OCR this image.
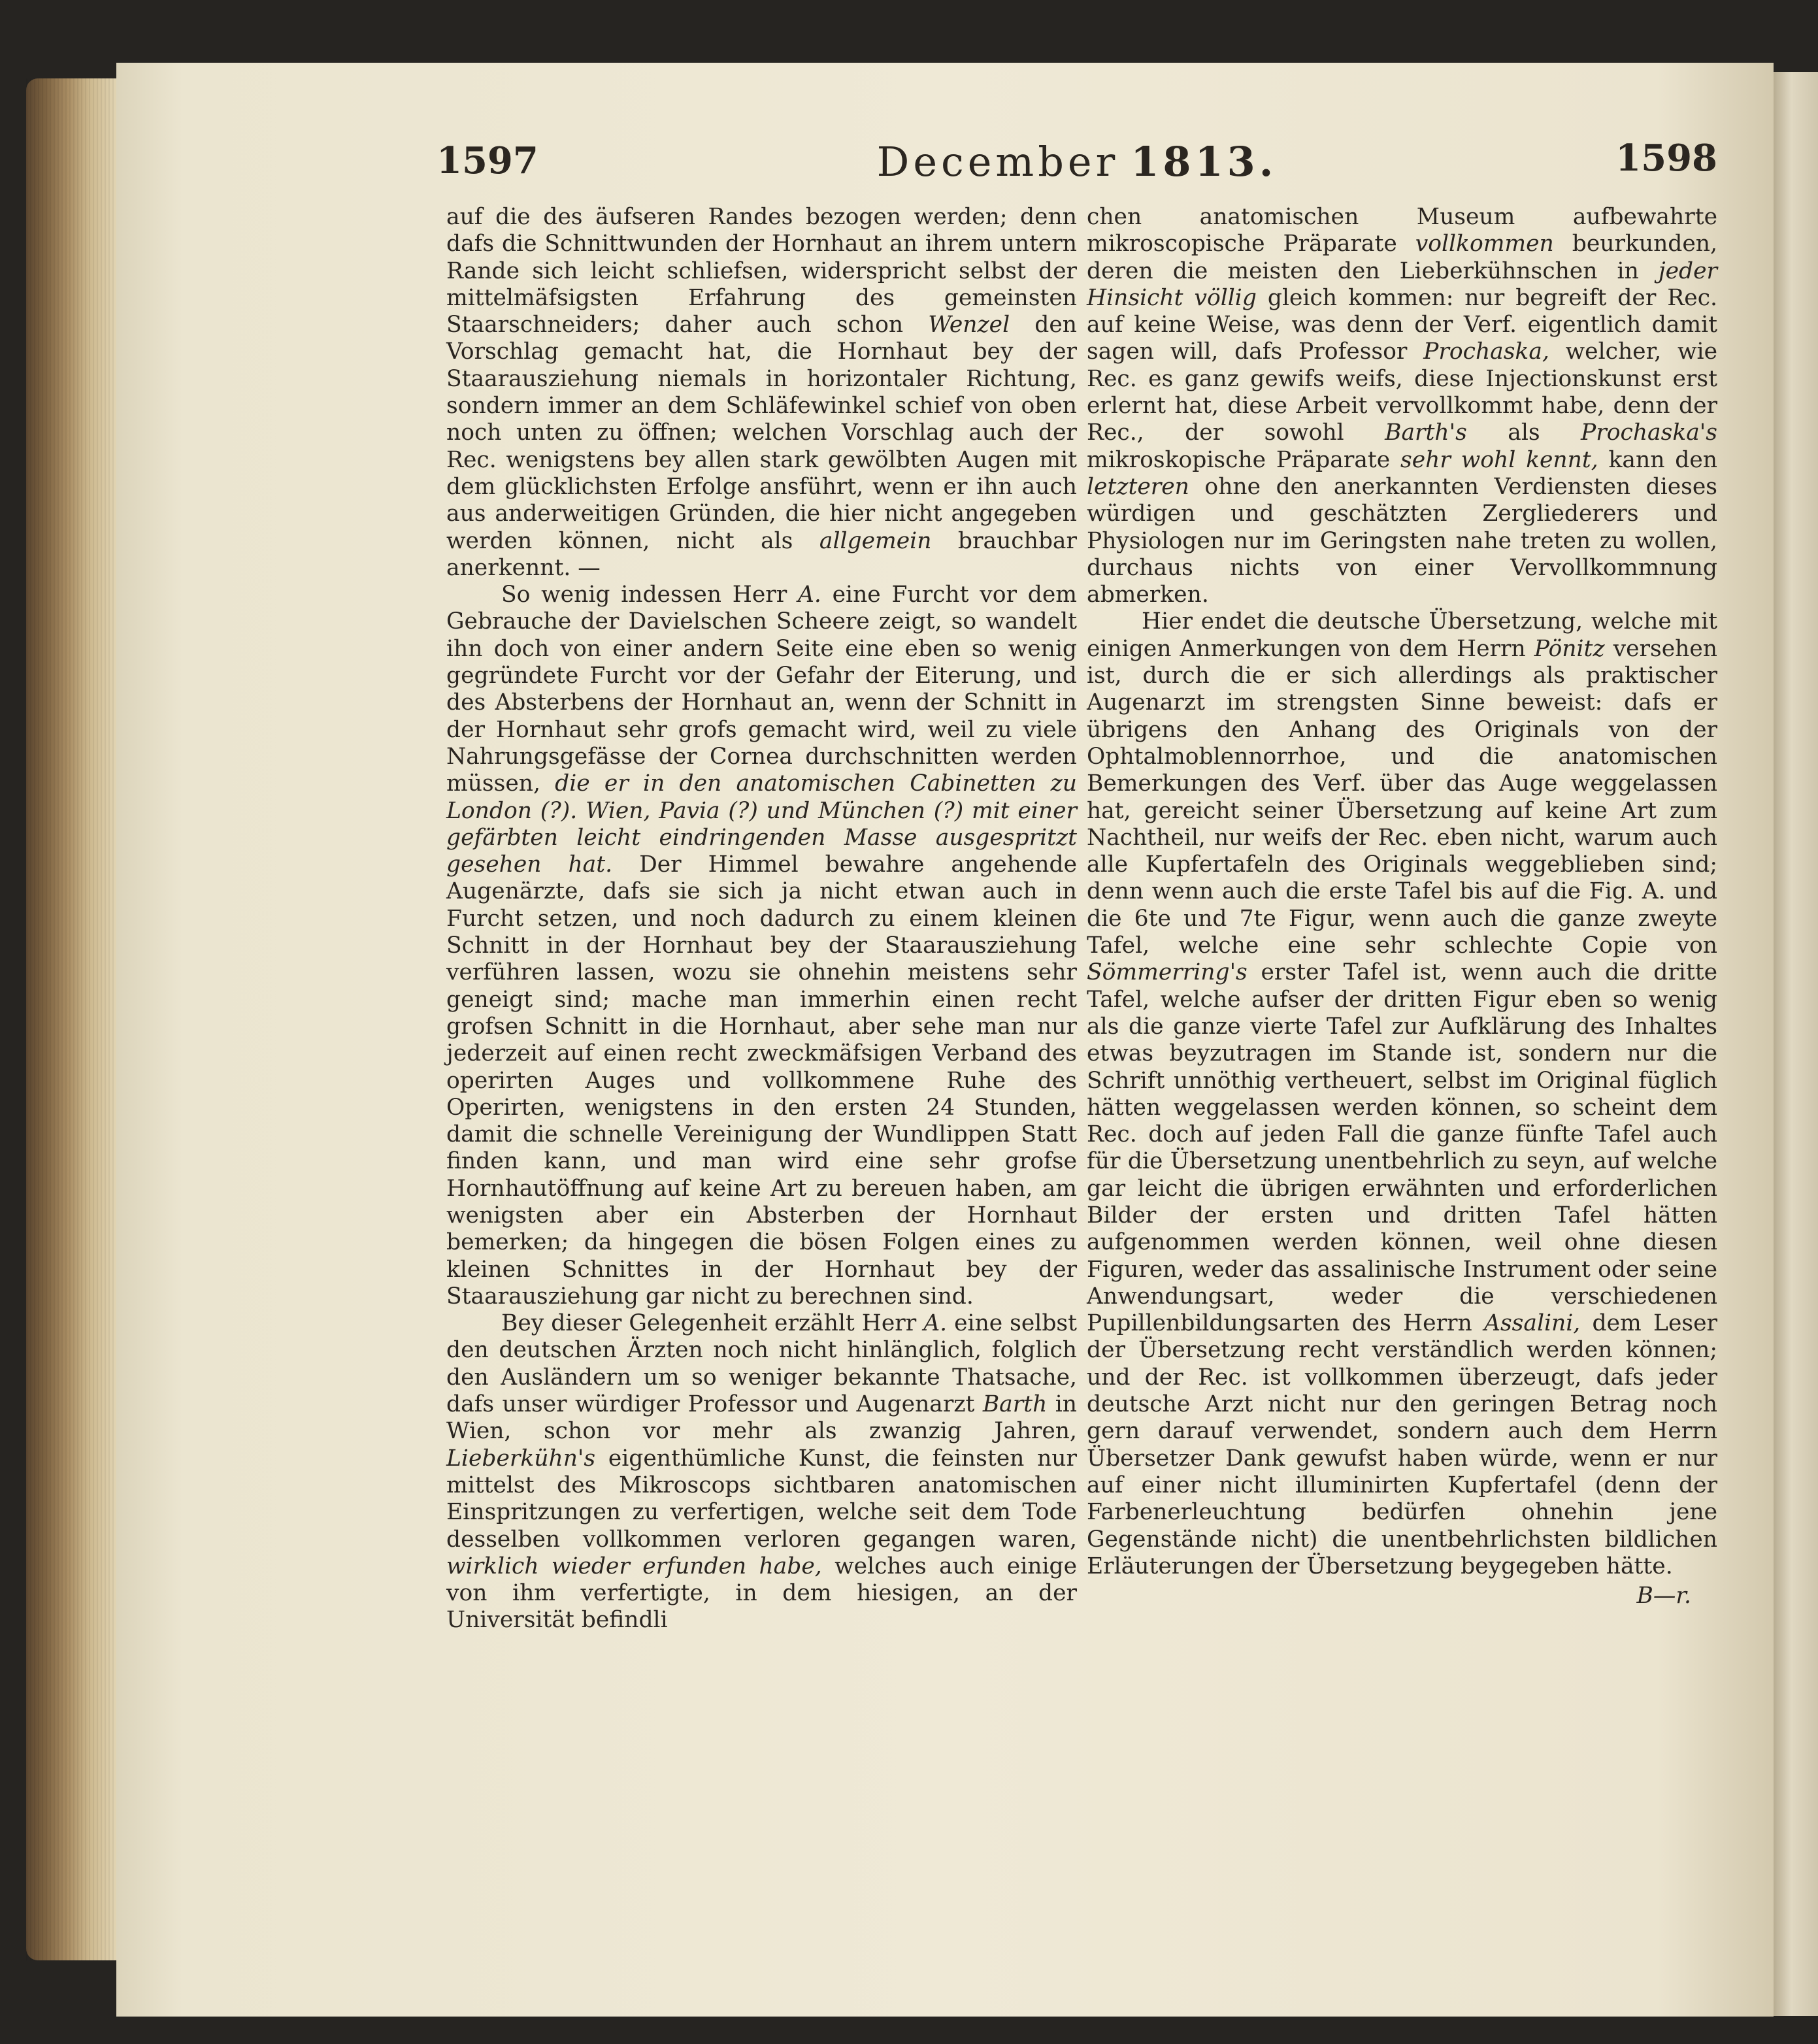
1597	December 1813.	1598

auf die des äufseren Randes bezogen werden; denn dafs die Schnittwunden der Hornhaut an ihrem untern Rande sich leicht schliefsen, widerspricht selbst der mittelmäfsigsten Erfahrung des gemeinsten Staarschneiders; daher auch schon Wenzel den Vorschlag gemacht hat, die Hornhaut bey der Staarausziehung niemals in horizontaler Richtung, sondern immer an dem Schläfewinkel schief von oben noch unten zu öffnen; welchen Vorschlag auch der Rec. wenigstens bey allen stark gewölbten Augen mit dem glücklichsten Erfolge ansführt, wenn er ihn auch aus anderweitigen Gründen, die hier nicht angegeben werden können, nicht als allgemein brauchbar anerkennt. —

So wenig indessen Herr A. eine Furcht vor dem Gebrauche der Davielschen Scheere zeigt, so wandelt ihn doch von einer andern Seite eine eben so wenig gegründete Furcht vor der Gefahr der Eiterung, und des Absterbens der Hornhaut an, wenn der Schnitt in der Hornhaut sehr grofs gemacht wird, weil zu viele Nahrungsgefässe der Cornea durchschnitten werden müssen, die er in den anatomischen Cabinetten zu London (?). Wien, Pavia (?) und München (?) mit einer gefärbten leicht eindringenden Masse ausgespritzt gesehen hat. Der Himmel bewahre angehende Augenärzte, dafs sie sich ja nicht etwan auch in Furcht setzen, und noch dadurch zu einem kleinen Schnitt in der Hornhaut bey der Staarausziehung verführen lassen, wozu sie ohnehin meistens sehr geneigt sind; mache man immerhin einen recht grofsen Schnitt in die Hornhaut, aber sehe man nur jederzeit auf einen recht zweckmäfsigen Verband des operirten Auges und vollkommene Ruhe des Operirten, wenigstens in den ersten 24 Stunden, damit die schnelle Vereinigung der Wundlippen Statt finden kann, und man wird eine sehr grofse Hornhautöffnung auf keine Art zu bereuen haben, am wenigsten aber ein Absterben der Hornhaut bemerken; da hingegen die bösen Folgen eines zu kleinen Schnittes in der Hornhaut bey der Staarausziehung gar nicht zu berechnen sind.

Bey dieser Gelegenheit erzählt Herr A. eine selbst den deutschen Ärzten noch nicht hinlänglich, folglich den Ausländern um so weniger bekannte Thatsache, dafs unser würdiger Professor und Augenarzt Barth in Wien, schon vor mehr als zwanzig Jahren, Lieberkühn's eigenthümliche Kunst, die feinsten nur mittelst des Mikroscops sichtbaren anatomischen Einspritzungen zu verfertigen, welche seit dem Tode desselben vollkommen verloren gegangen waren, wirklich wieder erfunden habe, welches auch einige von ihm verfertigte, in dem hiesigen, an der Universität befindli

chen anatomischen Museum aufbewahrte mikroscopische Präparate vollkommen beurkunden, deren die meisten den Lieberkühnschen in jeder Hinsicht völlig gleich kommen: nur begreift der Rec. auf keine Weise, was denn der Verf. eigentlich damit sagen will, dafs Professor Prochaska, welcher, wie Rec. es ganz gewifs weifs, diese Injectionskunst erst erlernt hat, diese Arbeit vervollkommt habe, denn der Rec., der sowohl Barth's als Prochaska's mikroskopische Präparate sehr wohl kennt, kann den letzteren ohne den anerkannten Verdiensten dieses würdigen und geschätzten Zergliederers und Physiologen nur im Geringsten nahe treten zu wollen, durchaus nichts von einer Vervollkommnung abmerken.

Hier endet die deutsche Übersetzung, welche mit einigen Anmerkungen von dem Herrn Pönitz versehen ist, durch die er sich allerdings als praktischer Augenarzt im strengsten Sinne beweist: dafs er übrigens den Anhang des Originals von der Ophtalmoblennorrhoe, und die anatomischen Bemerkungen des Verf. über das Auge weggelassen hat, gereicht seiner Übersetzung auf keine Art zum Nachtheil, nur weifs der Rec. eben nicht, warum auch alle Kupfertafeln des Originals weggeblieben sind; denn wenn auch die erste Tafel bis auf die Fig. A. und die 6te und 7te Figur, wenn auch die ganze zweyte Tafel, welche eine sehr schlechte Copie von Sömmerring's erster Tafel ist, wenn auch die dritte Tafel, welche aufser der dritten Figur eben so wenig als die ganze vierte Tafel zur Aufklärung des Inhaltes etwas beyzutragen im Stande ist, sondern nur die Schrift unnöthig vertheuert, selbst im Original füglich hätten weggelassen werden können, so scheint dem Rec. doch auf jeden Fall die ganze fünfte Tafel auch für die Übersetzung unentbehrlich zu seyn, auf welche gar leicht die übrigen erwähnten und erforderlichen Bilder der ersten und dritten Tafel hätten aufgenommen werden können, weil ohne diesen Figuren, weder das assalinische Instrument oder seine Anwendungsart, weder die verschiedenen Pupillenbildungsarten des Herrn Assalini, dem Leser der Übersetzung recht verständlich werden können; und der Rec. ist vollkommen überzeugt, dafs jeder deutsche Arzt nicht nur den geringen Betrag noch gern darauf verwendet, sondern auch dem Herrn Übersetzer Dank gewufst haben würde, wenn er nur auf einer nicht illuminirten Kupfertafel (denn der Farbenerleuchtung bedürfen ohnehin jene Gegenstände nicht) die unentbehrlichsten bildlichen Erläuterungen der Übersetzung beygegeben hätte.

B—r.
